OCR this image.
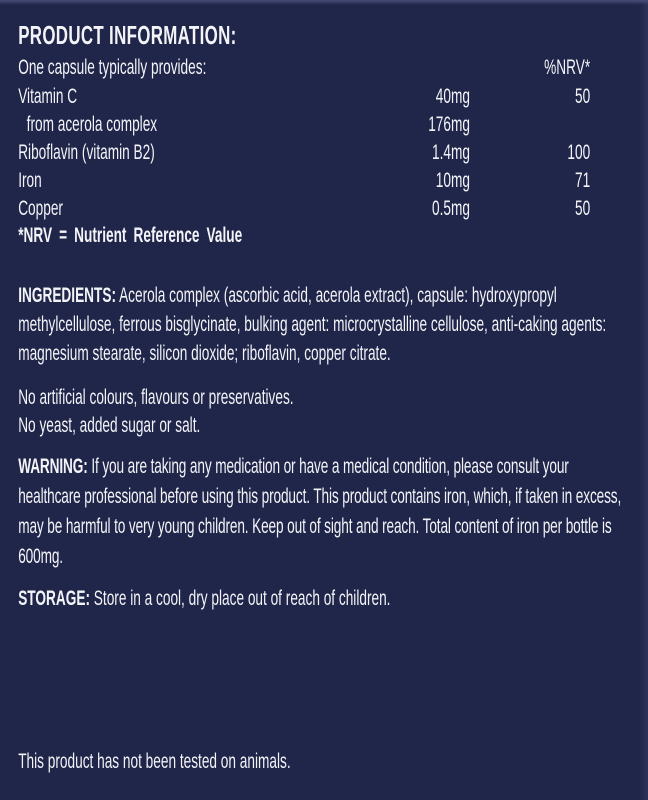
PRODUCT INFORMATION:
One capsule typically provides:	%NRV*
Vitamin C	40mg	50
from acerola complex	176mg
Riboflavin (vitamin B2)	1.4mg	100
Iron	10mg	71
Copper	0.5mg	50
*NRV = Nutrient Reference Value

INGREDIENTS: Acerola complex (ascorbic acid, acerola extract), capsule: hydroxypropyl methylcellulose, ferrous bisglycinate, bulking agent: microcrystalline cellulose, anti-caking agents: magnesium stearate, silicon dioxide; riboflavin, copper citrate.

No artificial colours, flavours or preservatives.
No yeast, added sugar or salt.

WARNING: If you are taking any medication or have a medical condition, please consult your healthcare professional before using this product. This product contains iron, which, if taken in excess, may be harmful to very young children. Keep out of sight and reach. Total content of iron per bottle is 600mg.

STORAGE: Store in a cool, dry place out of reach of children.

This product has not been tested on animals.
